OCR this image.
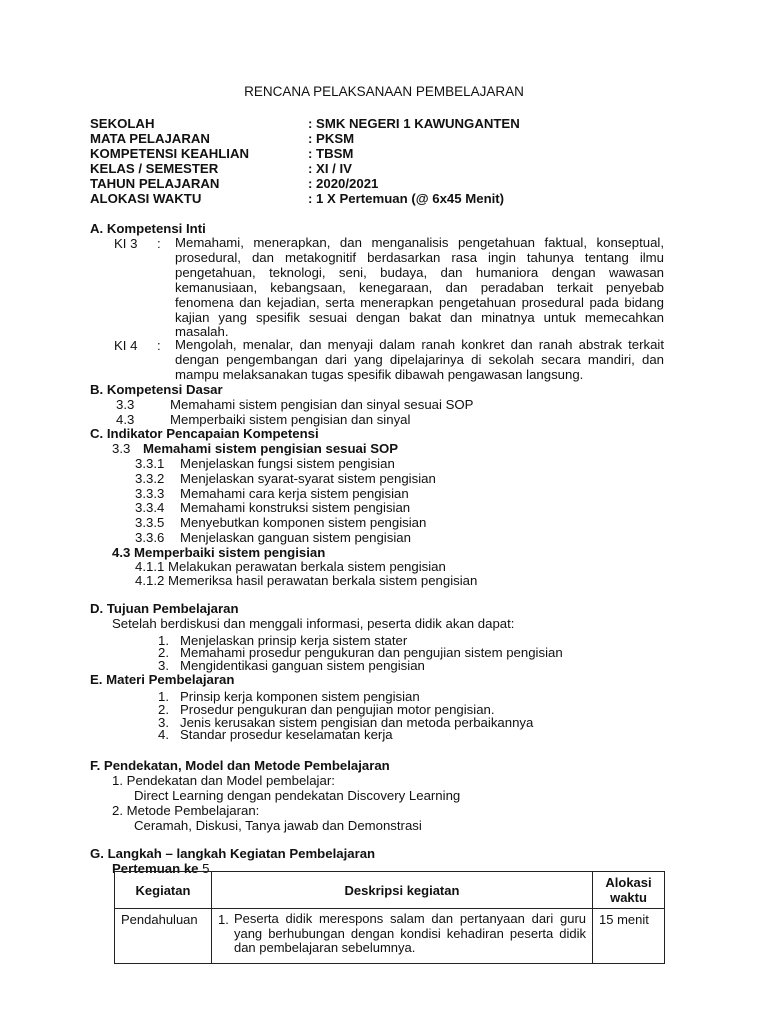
RENCANA PELAKSANAAN PEMBELAJARAN
SEKOLAH	: SMK NEGERI 1 KAWUNGANTEN
MATA PELAJARAN	: PKSM
KOMPETENSI KEAHLIAN	: TBSM
KELAS / SEMESTER	: XI / IV
TAHUN PELAJARAN	: 2020/2021
ALOKASI WAKTU	: 1 X Pertemuan (@ 6x45 Menit)
A. Kompetensi Inti
KI 3 : Memahami, menerapkan, dan menganalisis pengetahuan faktual, konseptual, prosedural, dan metakognitif berdasarkan rasa ingin tahunya tentang ilmu pengetahuan, teknologi, seni, budaya, dan humaniora dengan wawasan kemanusiaan, kebangsaan, kenegaraan, dan peradaban terkait penyebab fenomena dan kejadian, serta menerapkan pengetahuan prosedural pada bidang kajian yang spesifik sesuai dengan bakat dan minatnya untuk memecahkan masalah.
KI 4 : Mengolah, menalar, dan menyaji dalam ranah konkret dan ranah abstrak terkait dengan pengembangan dari yang dipelajarinya di sekolah secara mandiri, dan mampu melaksanakan tugas spesifik dibawah pengawasan langsung.
B. Kompetensi Dasar
3.3	Memahami sistem pengisian dan sinyal sesuai SOP
4.3	Memperbaiki sistem pengisian dan sinyal
C. Indikator Pencapaian Kompetensi
3.3 Memahami sistem pengisian sesuai SOP
3.3.1 Menjelaskan fungsi sistem pengisian
3.3.2 Menjelaskan syarat-syarat sistem pengisian
3.3.3 Memahami cara kerja sistem pengisian
3.3.4 Memahami konstruksi sistem pengisian
3.3.5 Menyebutkan komponen sistem pengisian
3.3.6 Menjelaskan ganguan sistem pengisian
4.3 Memperbaiki sistem pengisian
4.1.1 Melakukan perawatan berkala sistem pengisian
4.1.2 Memeriksa hasil perawatan berkala sistem pengisian
D. Tujuan Pembelajaran
Setelah berdiskusi dan menggali informasi, peserta didik akan dapat:
1. Menjelaskan prinsip kerja sistem stater
2. Memahami prosedur pengukuran dan pengujian sistem pengisian
3. Mengidentikasi ganguan sistem pengisian
E. Materi Pembelajaran
1. Prinsip kerja komponen sistem pengisian
2. Prosedur pengukuran dan pengujian motor pengisian.
3. Jenis kerusakan sistem pengisian dan metoda perbaikannya
4. Standar prosedur keselamatan kerja
F. Pendekatan, Model dan Metode Pembelajaran
1. Pendekatan dan Model pembelajar:
Direct Learning dengan pendekatan Discovery Learning
2. Metode Pembelajaran:
Ceramah, Diskusi, Tanya jawab dan Demonstrasi
G. Langkah – langkah Kegiatan Pembelajaran
Pertemuan ke 5
Kegiatan	Deskripsi kegiatan	Alokasi waktu
Pendahuluan	1. Peserta didik merespons salam dan pertanyaan dari guru yang berhubungan dengan kondisi kehadiran peserta didik dan pembelajaran sebelumnya.	15 menit
